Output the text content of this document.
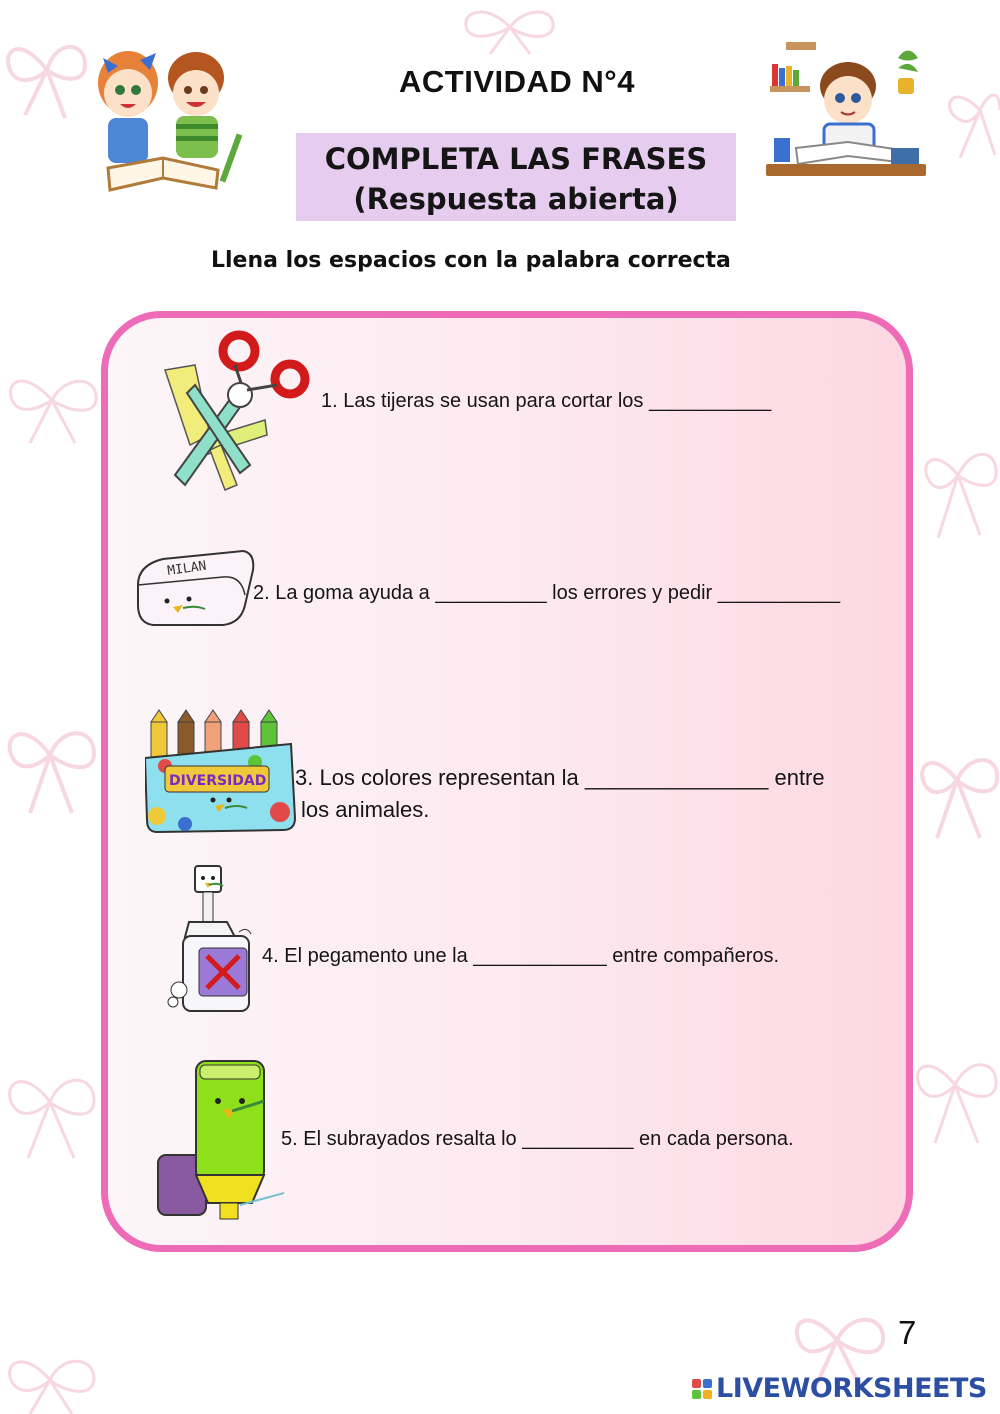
ACTIVIDAD N°4
COMPLETA LAS FRASES
(Respuesta abierta)
Llena los espacios con la palabra correcta
1. Las tijeras se usan para cortar los ___________
MILAN
2. La goma ayuda a __________ los errores y pedir ___________
DIVERSIDAD 3. Los colores representan la _______________ entre
los animales.
4. El pegamento une la ____________ entre compañeros.
5. El subrayados resalta lo __________ en cada persona.
7
LIVEWORKSHEETS
